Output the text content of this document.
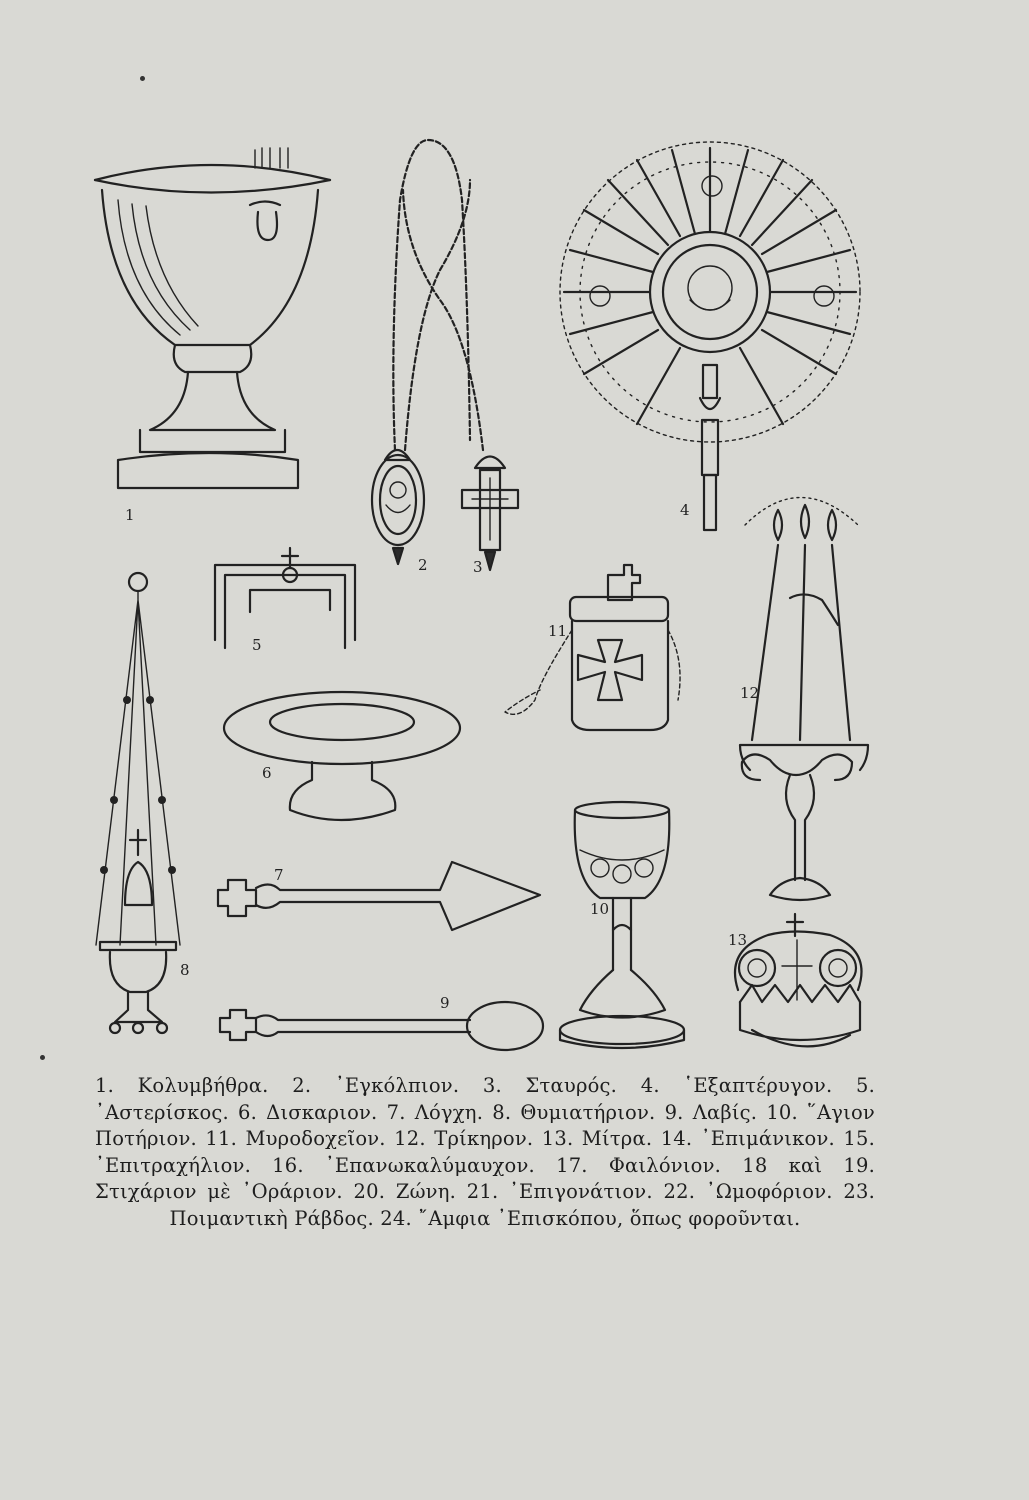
1
2	3
4
5
6
7
8
9
10
11
12
13
1. Κολυμβήθρα. 2. ᾿Εγκόλπιον. 3. Σταυρός. 4. ῾Εξαπτέρυγον. 5. ᾿Αστερίσκος. 6. Δισκαριον. 7. Λόγχη. 8. Θυμιατήριον. 9. Λαβίς. 10. ῞Αγιον Ποτήριον. 11. Μυροδοχεῖον. 12. Τρίκηρον. 13. Μίτρα. 14. ᾿Επιμάνικον. 15. ᾿Επιτραχήλιον. 16. ᾿Επανωκαλύμαυχον. 17. Φαιλόνιον. 18 καὶ 19. Στιχάριον μὲ ᾿Οράριον. 20. Ζώνη. 21. ᾿Επιγονάτιον. 22. ᾿Ωμοφόριον. 23. Ποιμαντικὴ Ράβδος. 24. ῎Αμφια ᾿Επισκόπου, ὅπως φοροῦνται.
